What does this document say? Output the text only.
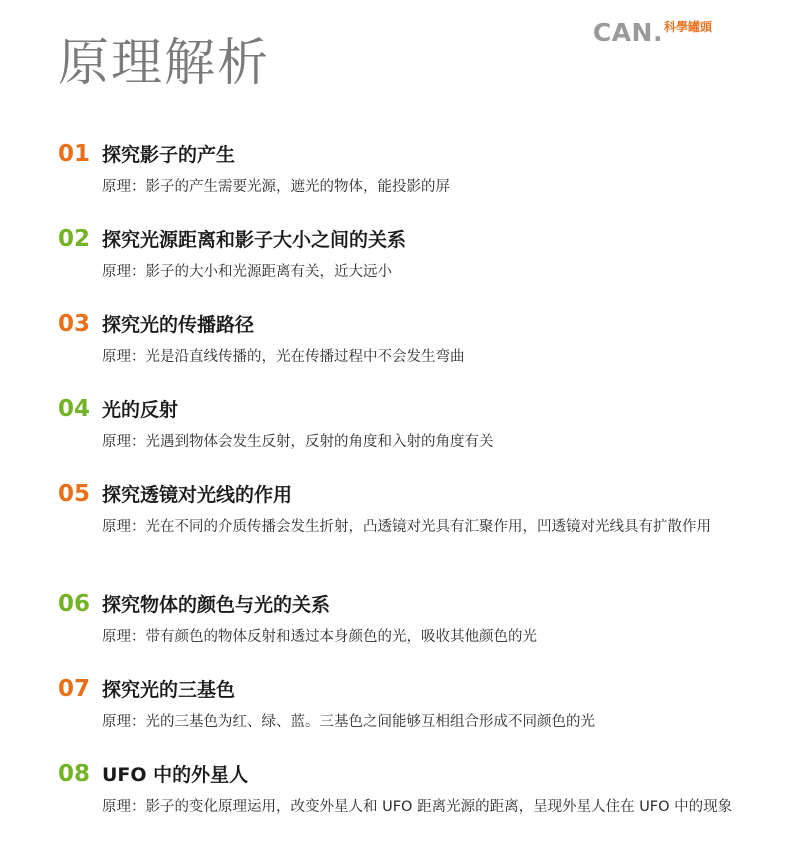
CAN. 科學罐頭
原理解析
01 探究影子的产生
原理：影子的产生需要光源，遮光的物体，能投影的屏
02 探究光源距离和影子大小之间的关系
原理：影子的大小和光源距离有关，近大远小
03 探究光的传播路径
原理：光是沿直线传播的，光在传播过程中不会发生弯曲
04 光的反射
原理：光遇到物体会发生反射，反射的角度和入射的角度有关
05 探究透镜对光线的作用
原理：光在不同的介质传播会发生折射，凸透镜对光具有汇聚作用，凹透镜对光线具有扩散作用
06 探究物体的颜色与光的关系
原理：带有颜色的物体反射和透过本身颜色的光，吸收其他颜色的光
07 探究光的三基色
原理：光的三基色为红、绿、蓝。三基色之间能够互相组合形成不同颜色的光
08 UFO 中的外星人
原理：影子的变化原理运用，改变外星人和 UFO 距离光源的距离，呈现外星人住在 UFO 中的现象
